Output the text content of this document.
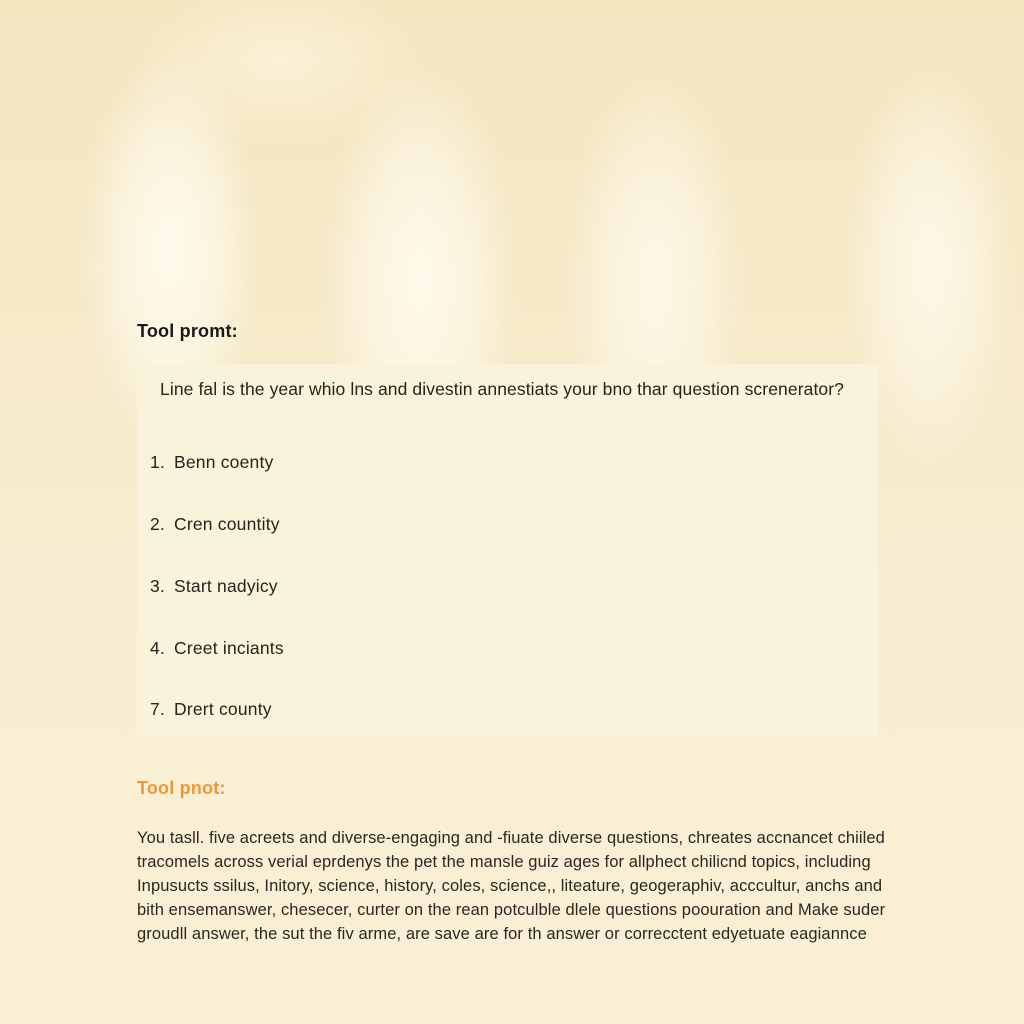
Tool promt:
Line fal is the year whio lns and divestin annestiats your bno thar question screnerator?
1. Benn coenty
2. Cren countity
3. Start nadyicy
4. Creet inciants
7. Drert county
Tool pnot:
You tasll. five acreets and diverse-engaging and -fiuate diverse questions, chreates accnancet chiiled
tracomels across verial eprdenys the pet the mansle guiz ages for allphect chilicnd topics, including
Inpusucts ssilus, Initory, science, history, coles, science,, liteature, geogeraphiv, acccultur, anchs and
bith ensemanswer, chesecer, curter on the rean potculble dlele questions poouration and Make suder
groudll answer, the sut the fiv arme, are save are for th answer or correcctent edyetuate eagiannce
